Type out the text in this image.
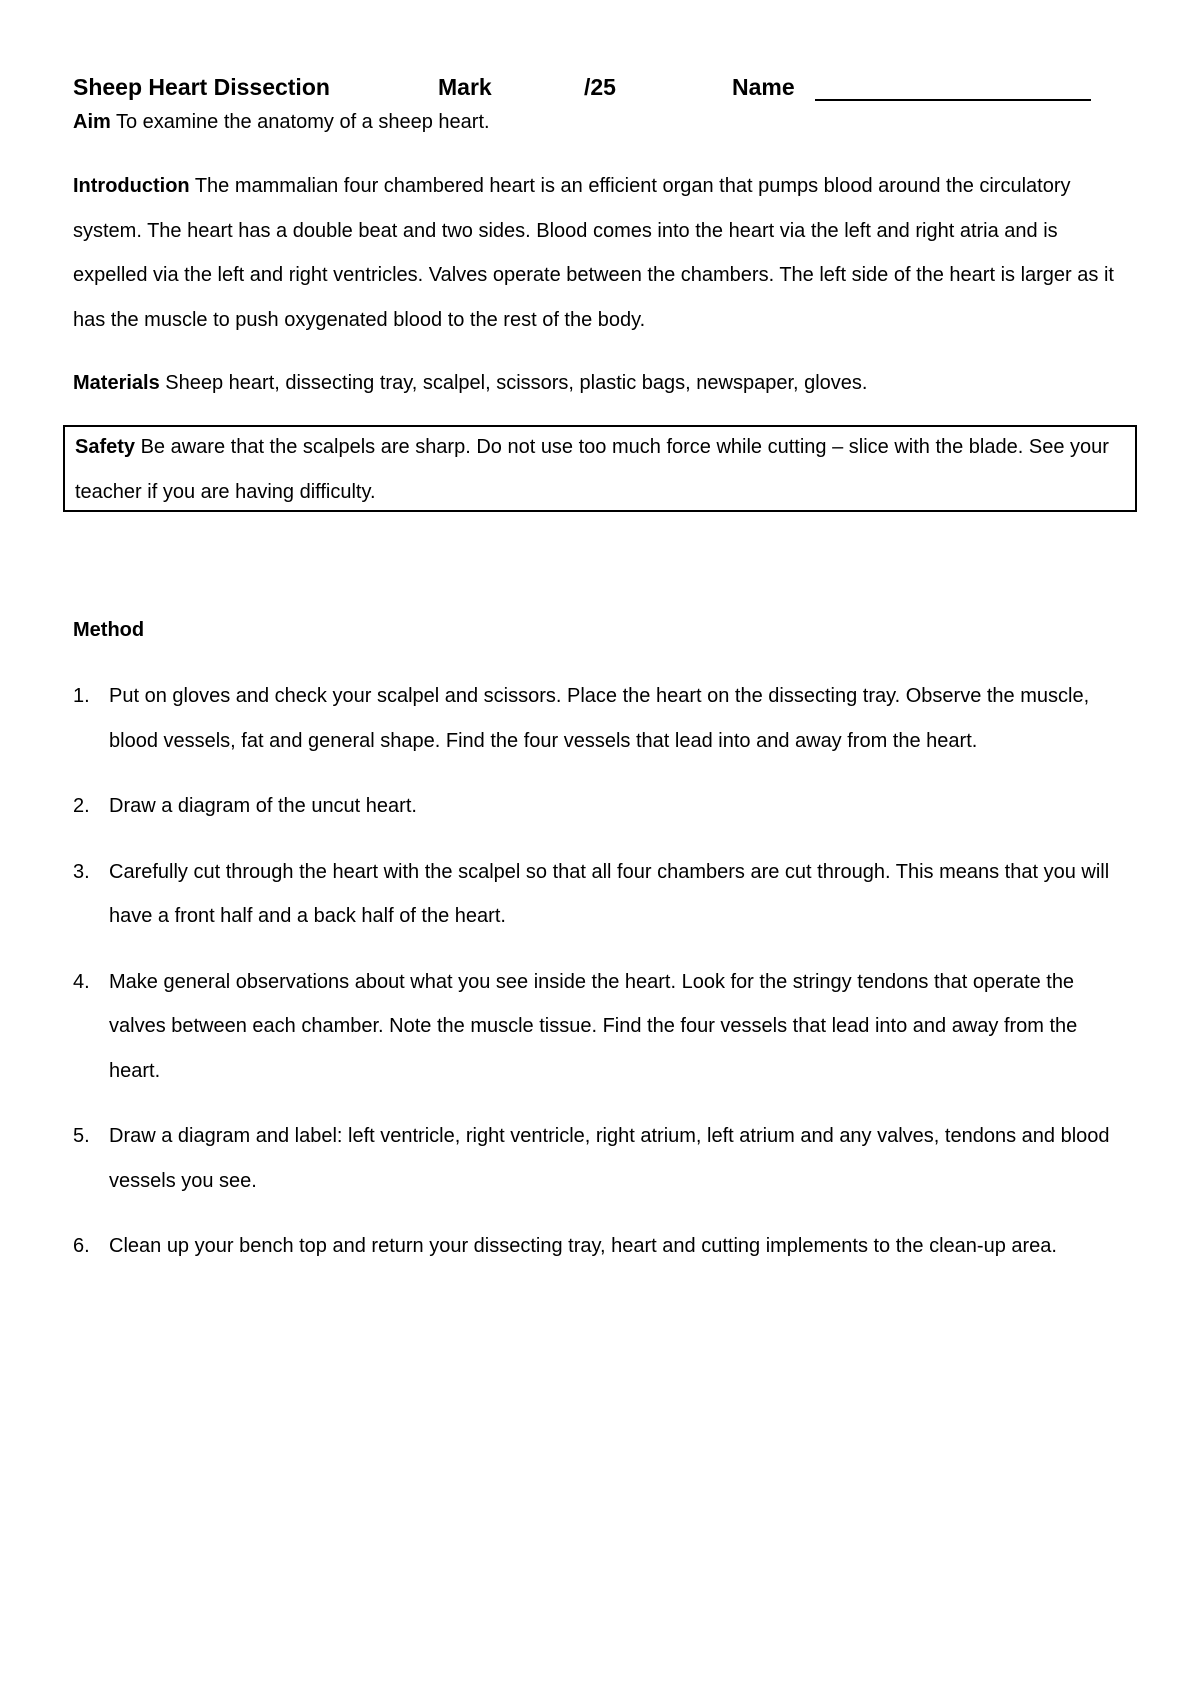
Sheep Heart Dissection	Mark	/25	Name
Aim To examine the anatomy of a sheep heart.
Introduction The mammalian four chambered heart is an efficient organ that pumps blood around the circulatory system. The heart has a double beat and two sides. Blood comes into the heart via the left and right atria and is expelled via the left and right ventricles. Valves operate between the chambers. The left side of the heart is larger as it has the muscle to push oxygenated blood to the rest of the body.
Materials Sheep heart, dissecting tray, scalpel, scissors, plastic bags, newspaper, gloves.
Safety Be aware that the scalpels are sharp. Do not use too much force while cutting – slice with the blade. See your teacher if you are having difficulty.
Method
1. Put on gloves and check your scalpel and scissors. Place the heart on the dissecting tray. Observe the muscle, blood vessels, fat and general shape. Find the four vessels that lead into and away from the heart.
2. Draw a diagram of the uncut heart.
3. Carefully cut through the heart with the scalpel so that all four chambers are cut through. This means that you will have a front half and a back half of the heart.
4. Make general observations about what you see inside the heart. Look for the stringy tendons that operate the valves between each chamber. Note the muscle tissue. Find the four vessels that lead into and away from the heart.
5. Draw a diagram and label: left ventricle, right ventricle, right atrium, left atrium and any valves, tendons and blood vessels you see.
6. Clean up your bench top and return your dissecting tray, heart and cutting implements to the clean-up area.
